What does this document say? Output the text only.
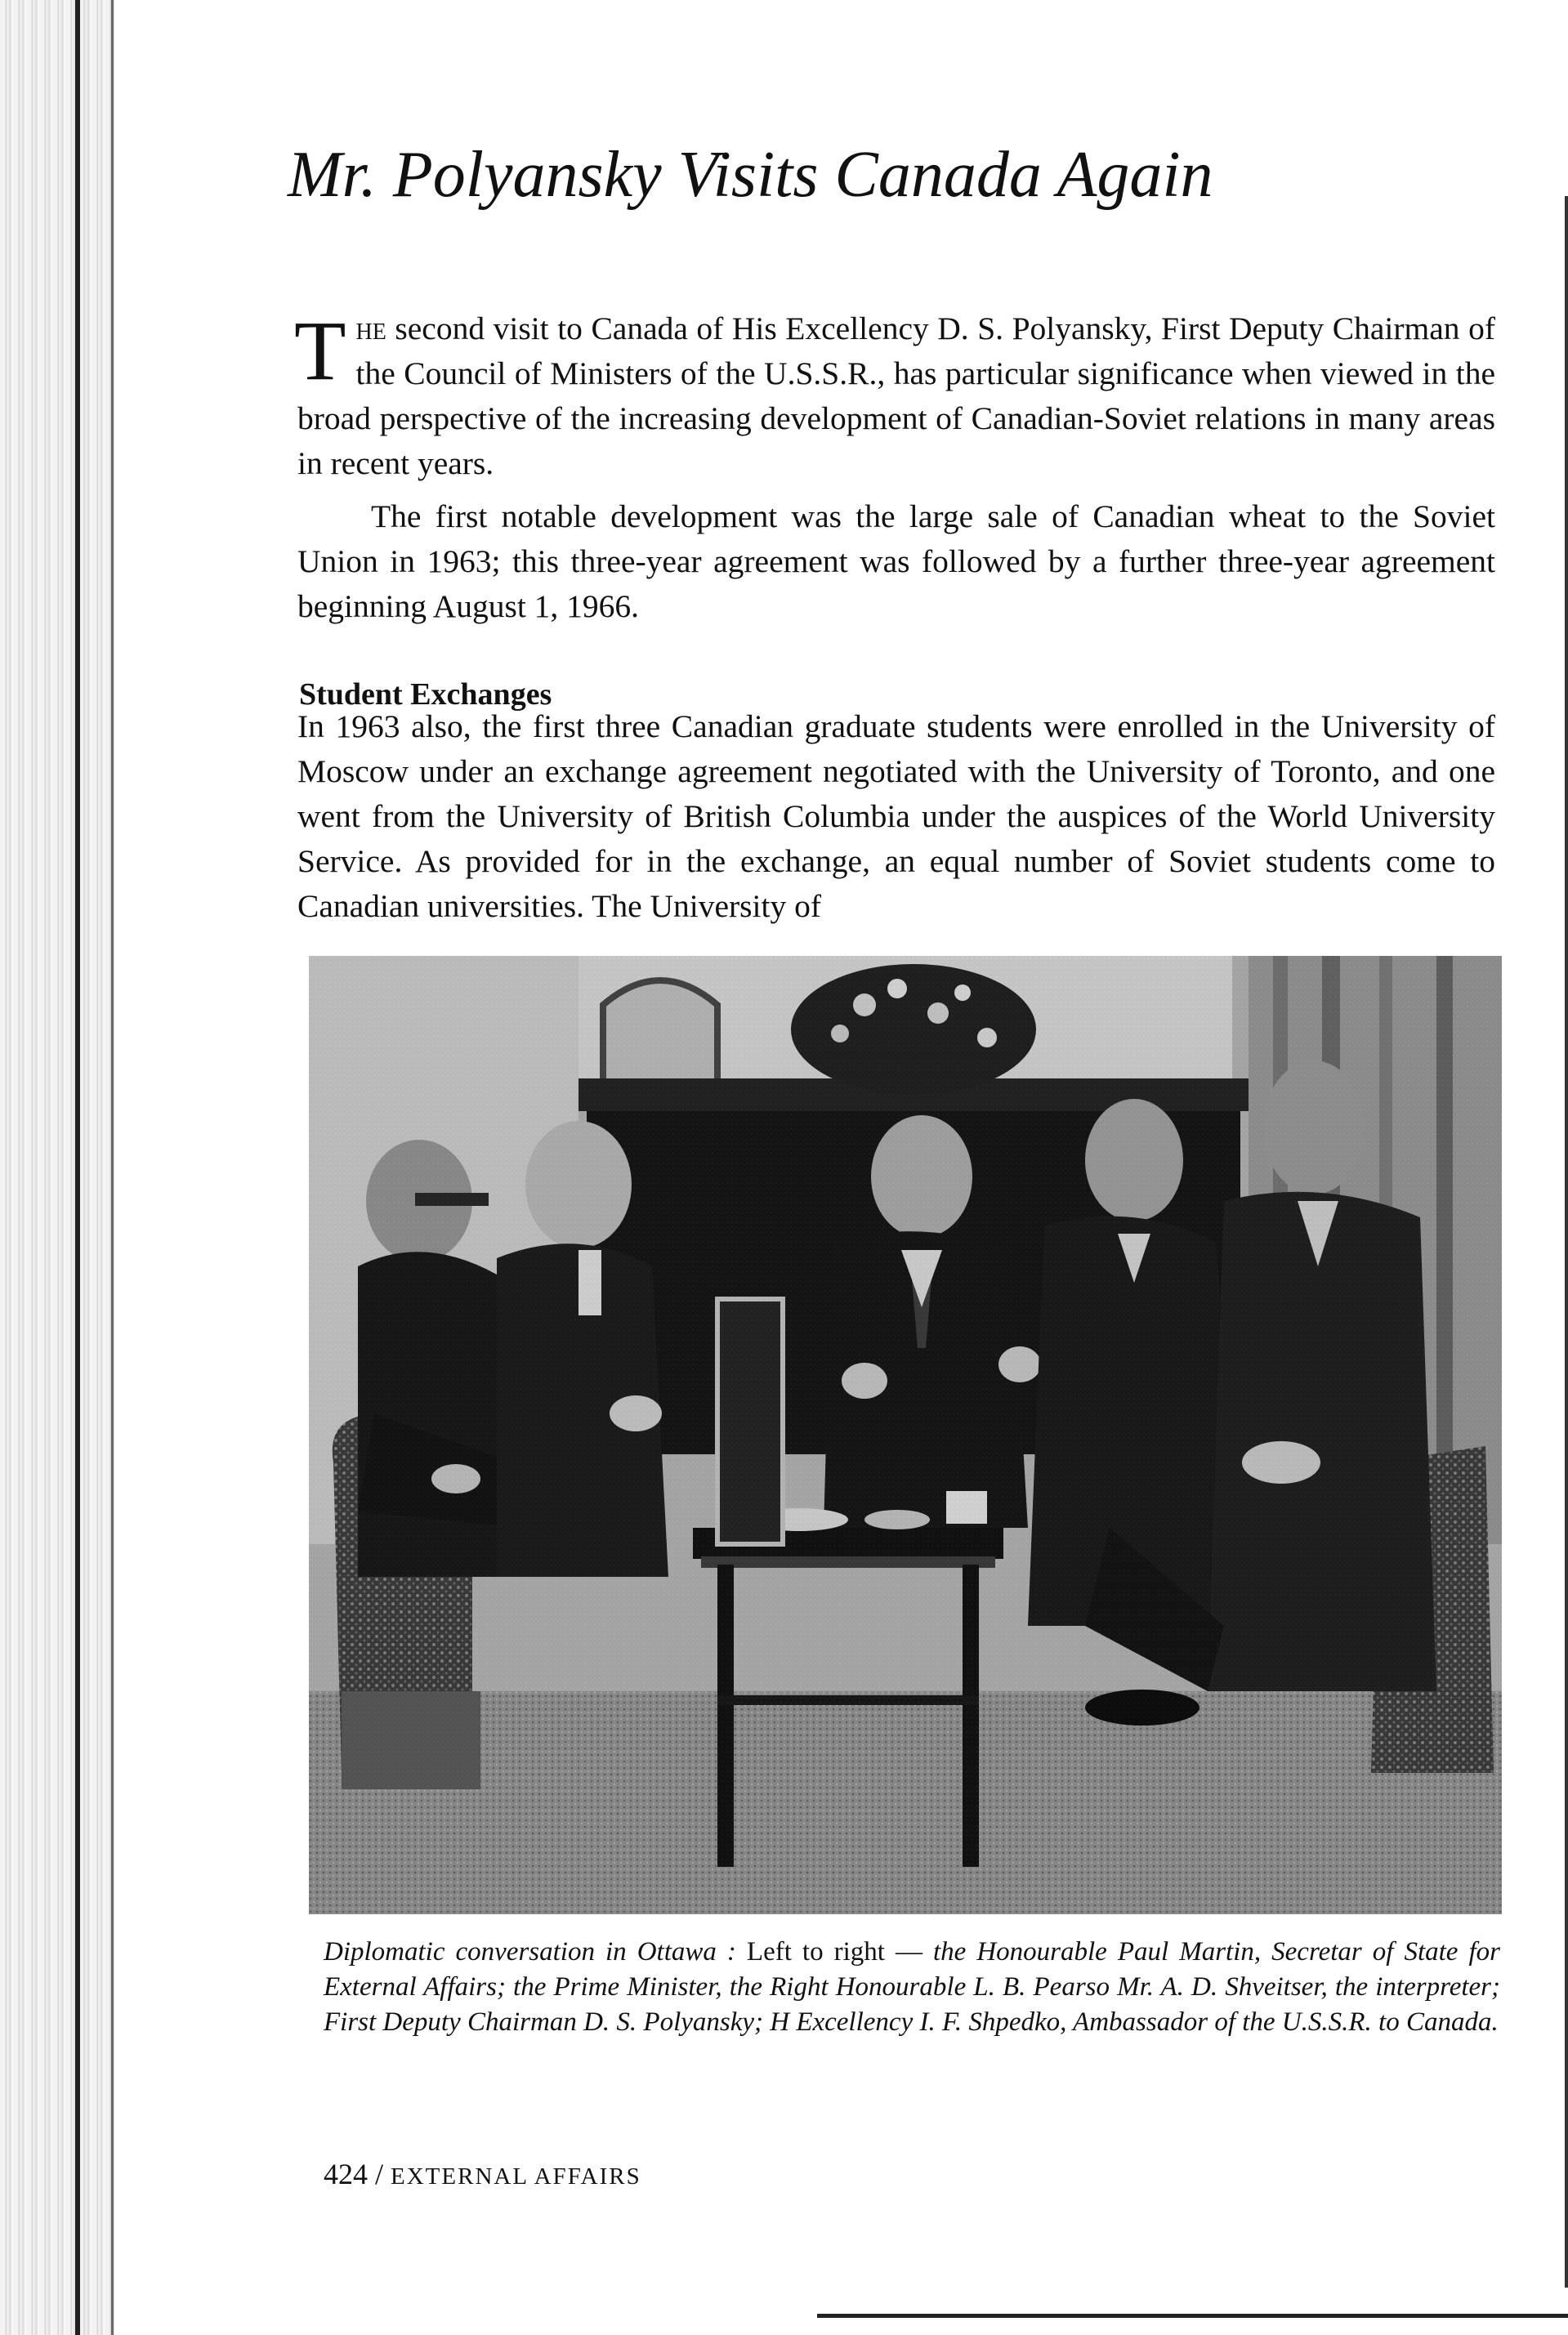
Mr. Polyansky Visits Canada Again
The second visit to Canada of His Excellency D. S. Polyansky, First Deputy Chairman of the Council of Ministers of the U.S.S.R., has particular significance when viewed in the broad perspective of the increasing development of Canadian-Soviet relations in many areas in recent years.
The first notable development was the large sale of Canadian wheat to the Soviet Union in 1963; this three-year agreement was followed by a further three-year agreement beginning August 1, 1966.
Student Exchanges
In 1963 also, the first three Canadian graduate students were enrolled in the University of Moscow under an exchange agreement negotiated with the University of Toronto, and one went from the University of British Columbia under the auspices of the World University Service. As provided for in the exchange, an equal number of Soviet students come to Canadian universities. The University of
Diplomatic conversation in Ottawa : Left to right — the Honourable Paul Martin, Secretar of State for External Affairs; the Prime Minister, the Right Honourable L. B. Pearso Mr. A. D. Shveitser, the interpreter; First Deputy Chairman D. S. Polyansky; H Excellency I. F. Shpedko, Ambassador of the U.S.S.R. to Canada.
424 / EXTERNAL AFFAIRS
